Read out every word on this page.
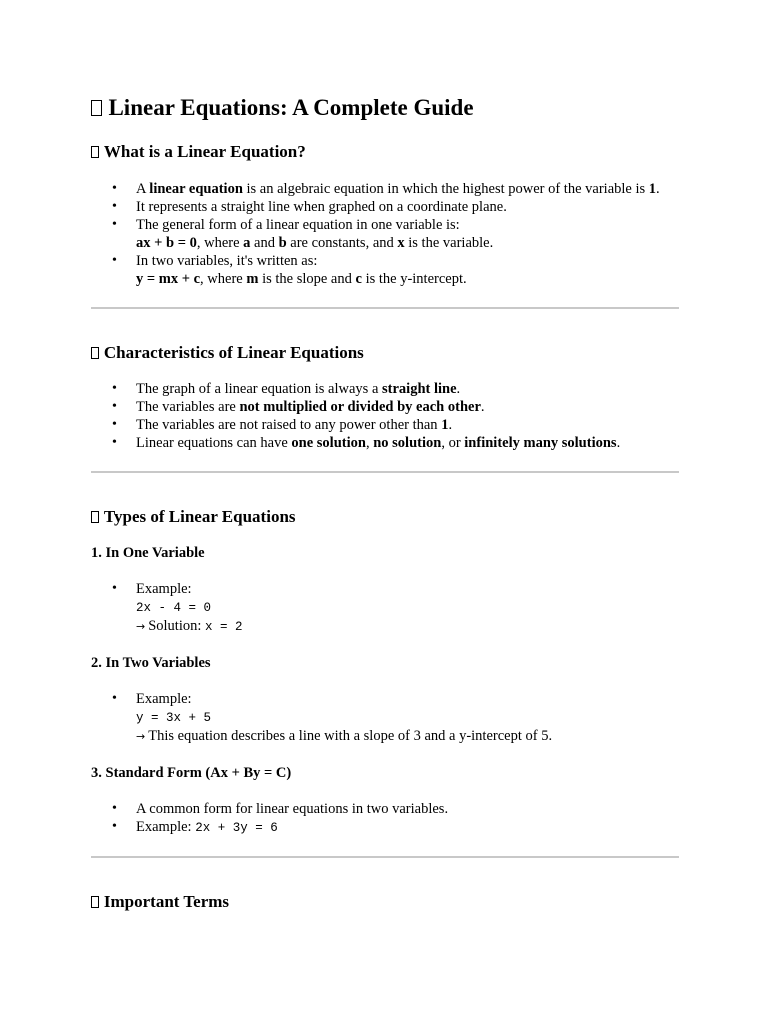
Linear Equations: A Complete Guide
What is a Linear Equation?
• A linear equation is an algebraic equation in which the highest power of the variable is 1.
• It represents a straight line when graphed on a coordinate plane.
• The general form of a linear equation in one variable is:
ax + b = 0, where a and b are constants, and x is the variable.
• In two variables, it's written as:
y = mx + c, where m is the slope and c is the y-intercept.
Characteristics of Linear Equations
• The graph of a linear equation is always a straight line.
• The variables are not multiplied or divided by each other.
• The variables are not raised to any power other than 1.
• Linear equations can have one solution, no solution, or infinitely many solutions.
Types of Linear Equations
1. In One Variable
• Example:
2x - 4 = 0
→ Solution: x = 2
2. In Two Variables
• Example:
y = 3x + 5
→ This equation describes a line with a slope of 3 and a y-intercept of 5.
3. Standard Form (Ax + By = C)
• A common form for linear equations in two variables.
• Example: 2x + 3y = 6
Important Terms
